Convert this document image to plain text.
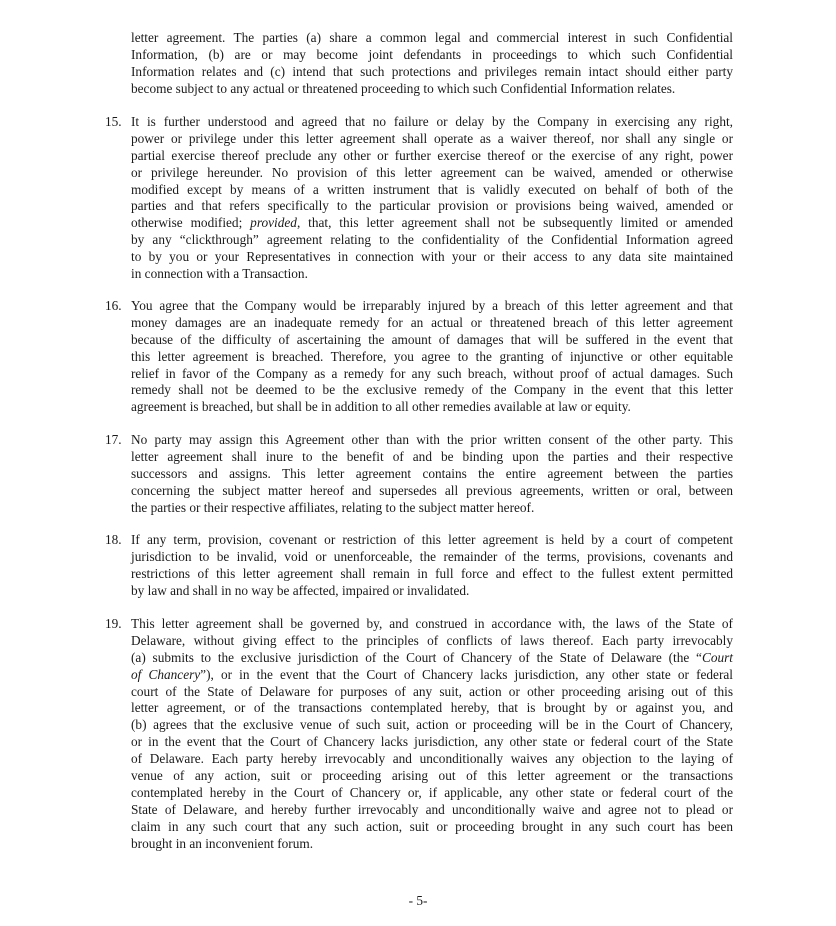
letter agreement. The parties (a) share a common legal and commercial interest in such Confidential
Information, (b) are or may become joint defendants in proceedings to which such Confidential
Information relates and (c) intend that such protections and privileges remain intact should either party
become subject to any actual or threatened proceeding to which such Confidential Information relates.
15. It is further understood and agreed that no failure or delay by the Company in exercising any right,
power or privilege under this letter agreement shall operate as a waiver thereof, nor shall any single or
partial exercise thereof preclude any other or further exercise thereof or the exercise of any right, power
or privilege hereunder. No provision of this letter agreement can be waived, amended or otherwise
modified except by means of a written instrument that is validly executed on behalf of both of the
parties and that refers specifically to the particular provision or provisions being waived, amended or
otherwise modified; provided, that, this letter agreement shall not be subsequently limited or amended
by any “clickthrough” agreement relating to the confidentiality of the Confidential Information agreed
to by you or your Representatives in connection with your or their access to any data site maintained
in connection with a Transaction.
16. You agree that the Company would be irreparably injured by a breach of this letter agreement and that
money damages are an inadequate remedy for an actual or threatened breach of this letter agreement
because of the difficulty of ascertaining the amount of damages that will be suffered in the event that
this letter agreement is breached. Therefore, you agree to the granting of injunctive or other equitable
relief in favor of the Company as a remedy for any such breach, without proof of actual damages. Such
remedy shall not be deemed to be the exclusive remedy of the Company in the event that this letter
agreement is breached, but shall be in addition to all other remedies available at law or equity.
17. No party may assign this Agreement other than with the prior written consent of the other party. This
letter agreement shall inure to the benefit of and be binding upon the parties and their respective
successors and assigns. This letter agreement contains the entire agreement between the parties
concerning the subject matter hereof and supersedes all previous agreements, written or oral, between
the parties or their respective affiliates, relating to the subject matter hereof.
18. If any term, provision, covenant or restriction of this letter agreement is held by a court of competent
jurisdiction to be invalid, void or unenforceable, the remainder of the terms, provisions, covenants and
restrictions of this letter agreement shall remain in full force and effect to the fullest extent permitted
by law and shall in no way be affected, impaired or invalidated.
19. This letter agreement shall be governed by, and construed in accordance with, the laws of the State of
Delaware, without giving effect to the principles of conflicts of laws thereof. Each party irrevocably
(a) submits to the exclusive jurisdiction of the Court of Chancery of the State of Delaware (the “Court
of Chancery”), or in the event that the Court of Chancery lacks jurisdiction, any other state or federal
court of the State of Delaware for purposes of any suit, action or other proceeding arising out of this
letter agreement, or of the transactions contemplated hereby, that is brought by or against you, and
(b) agrees that the exclusive venue of such suit, action or proceeding will be in the Court of Chancery,
or in the event that the Court of Chancery lacks jurisdiction, any other state or federal court of the State
of Delaware. Each party hereby irrevocably and unconditionally waives any objection to the laying of
venue of any action, suit or proceeding arising out of this letter agreement or the transactions
contemplated hereby in the Court of Chancery or, if applicable, any other state or federal court of the
State of Delaware, and hereby further irrevocably and unconditionally waive and agree not to plead or
claim in any such court that any such action, suit or proceeding brought in any such court has been
brought in an inconvenient forum.
- 5-
